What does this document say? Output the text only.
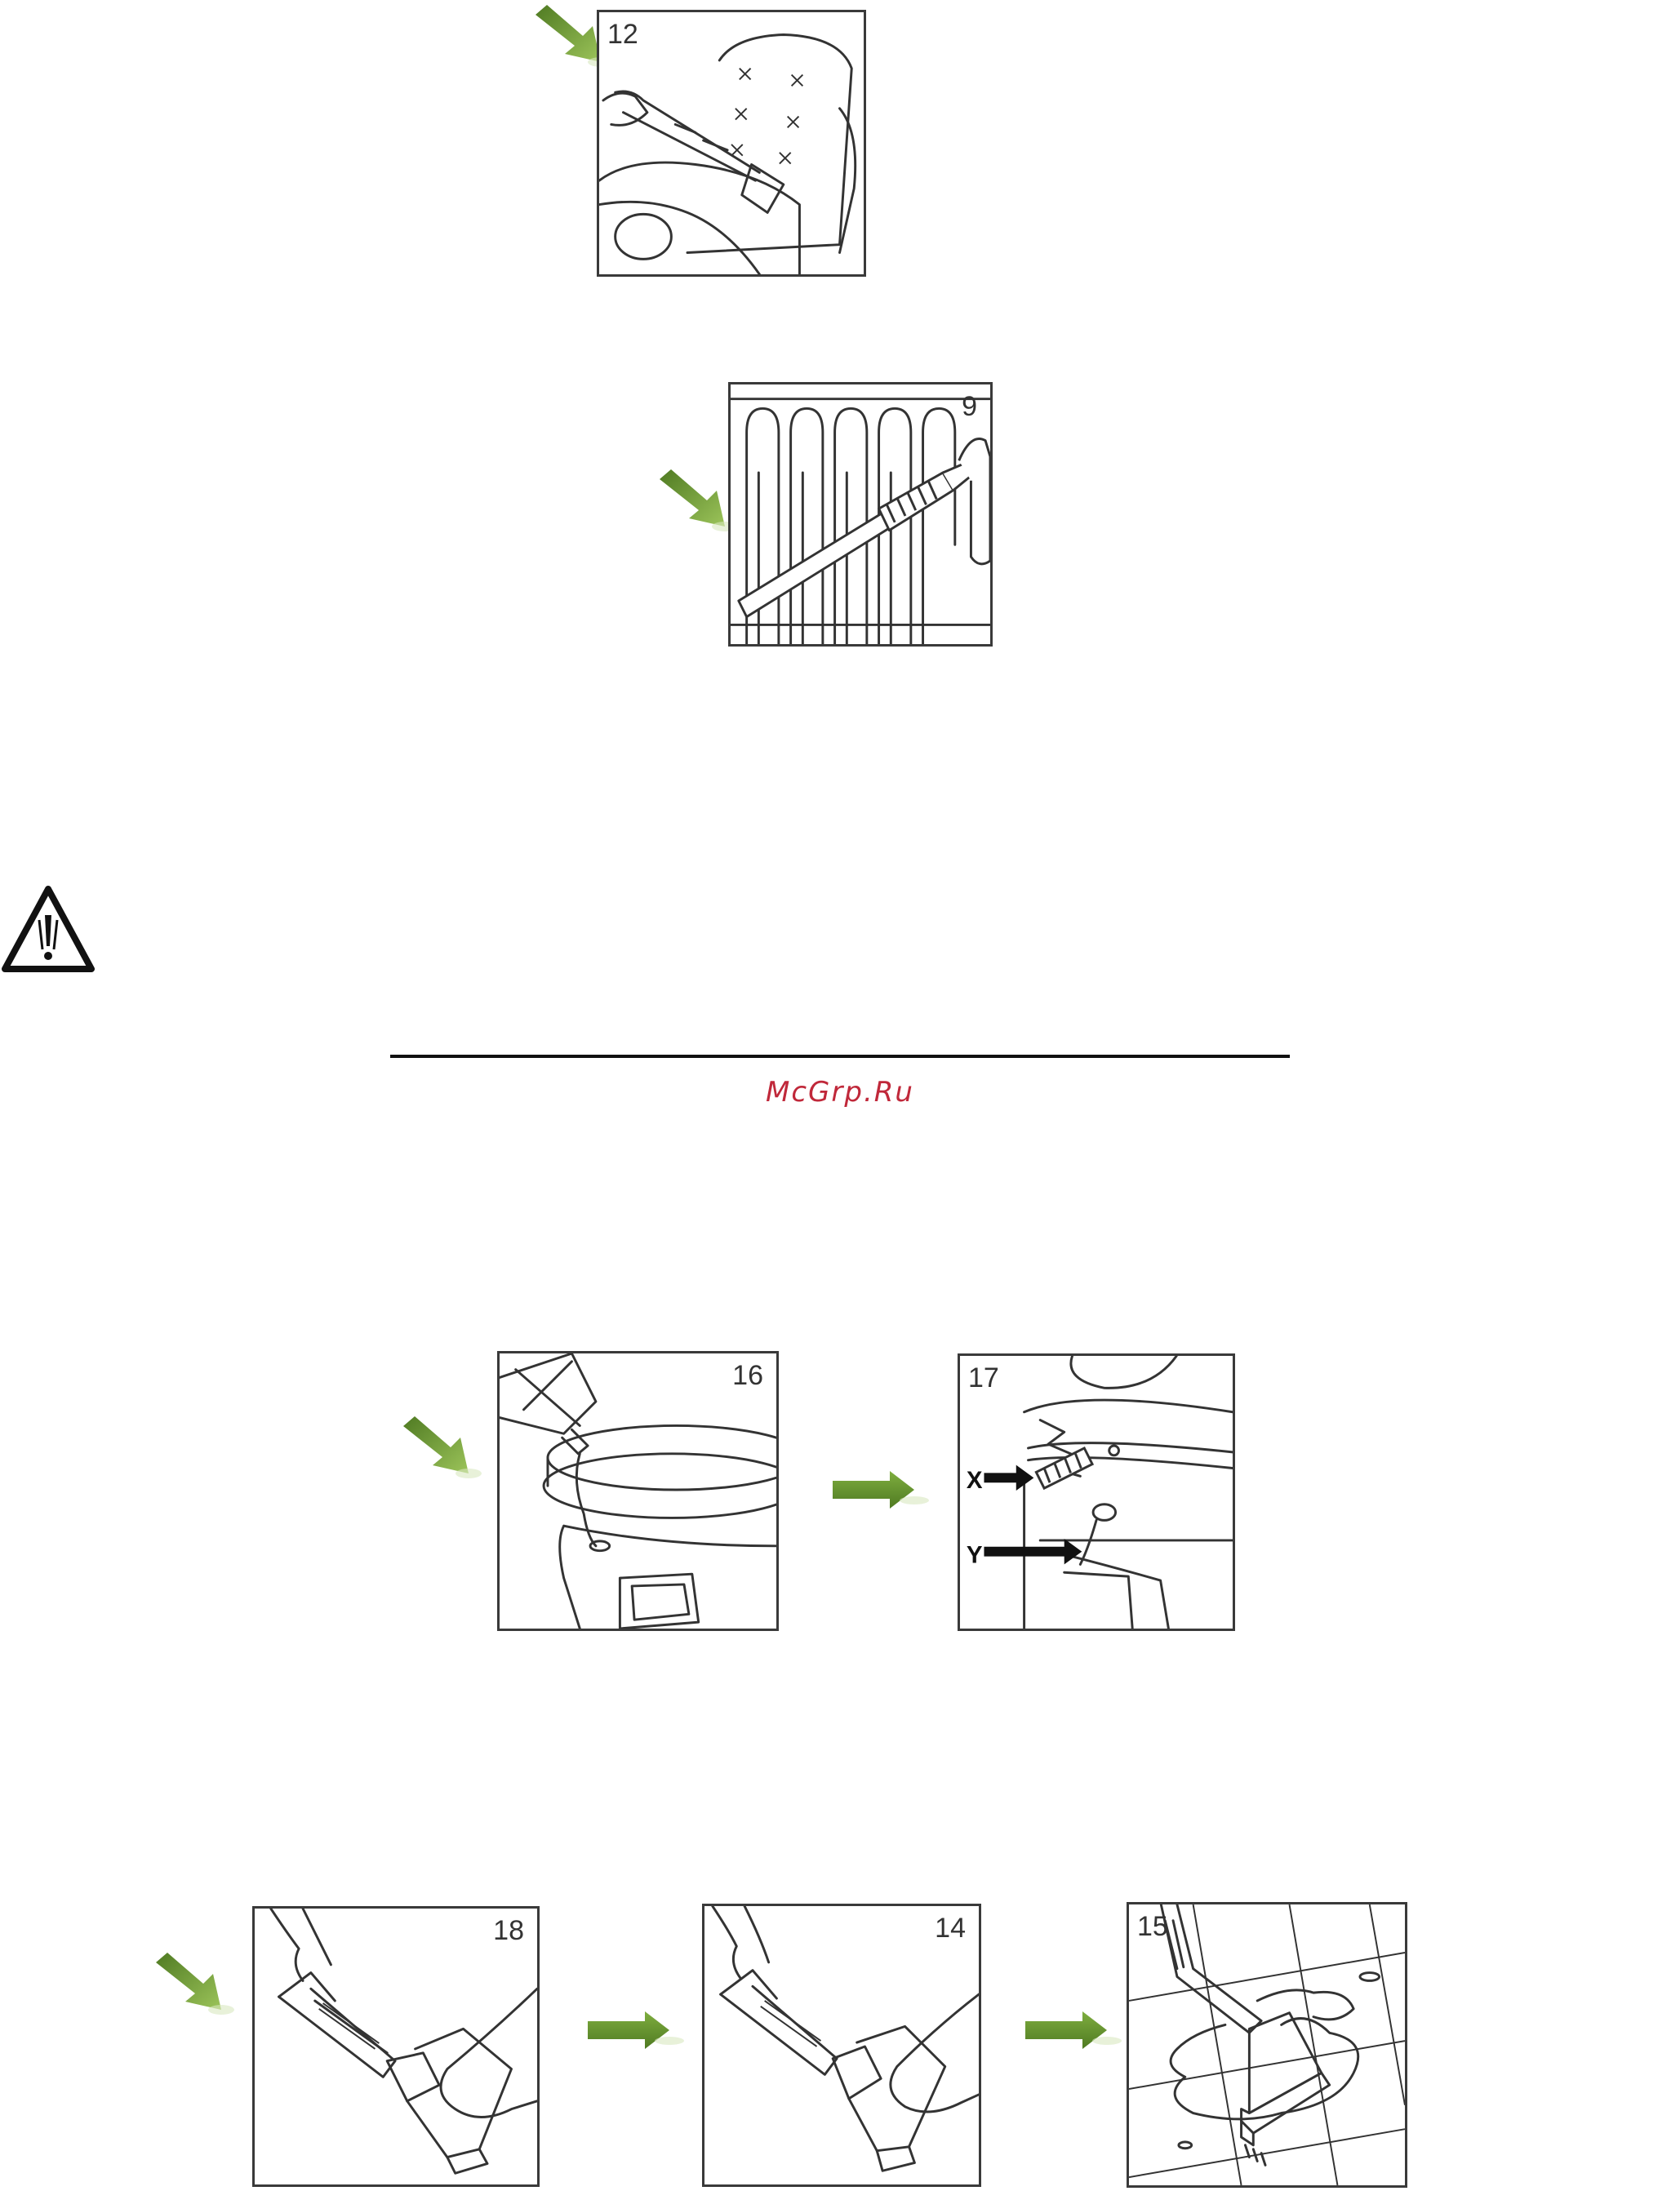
12
9
McGrp.Ru
16
X
Y
17
18	14	15
